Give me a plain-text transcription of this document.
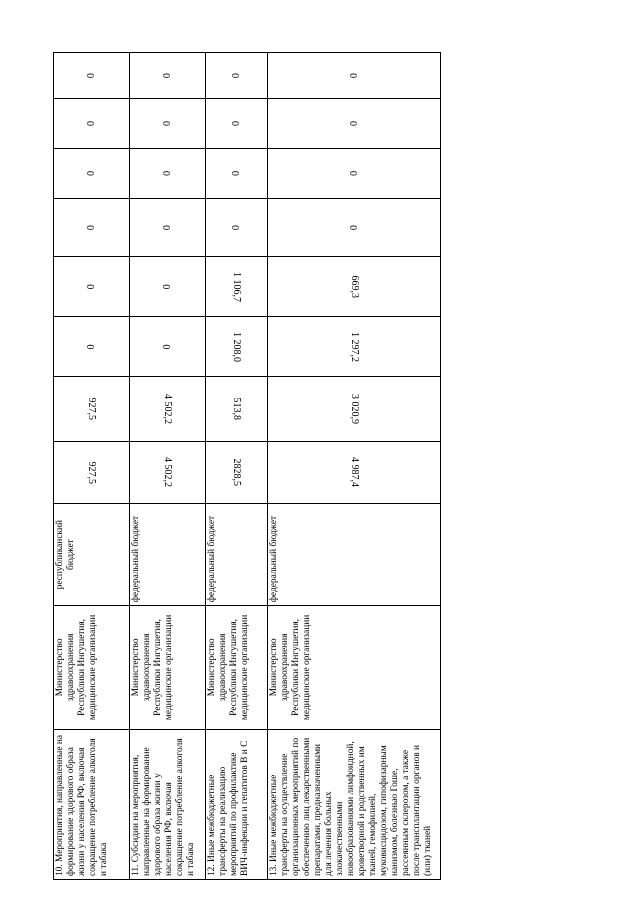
10. Мероприятия, направленные на формирование здорового образа жизни у населения РФ, включая сокращение потребление алкоголя и табака	Министерство здравоохранения Республики Ингушетия, медицинские организации	республиканский бюджет	927,5	927,5	0	0	0	0	0	0
11. Субсидии на мероприятия, направленные на формирование здорового образа жизни у населения РФ, включая сокращение потребление алкоголя и табака	Министерство здравоохранения Республики Ингушетия, медицинские организации	федеральный бюджет	4 502,2	4 502,2	0	0	0	0	0	0
12. Иные межбюджетные трансферты на реализацию мероприятий по профилактике ВИЧ-инфекции и гепатитов В и С	Министерство здравоохранения Республики Ингушетия, медицинские организации	федеральный бюджет	2828,5	513,8	1 208,0	1 106,7	0	0	0	0
13. Иные межбюджетные трансферты на осуществление организационных мероприятий по обеспечению лиц лекарственными препаратами, предназначенными для лечения больных злокачественными новообразованиями лимфоидной, кроветворной и родственных им тканей, гемофилией, муковисцидозом, гипофизарным нанизмом, болезнью Гоше, рассеянным склерозом, а также после трансплантации органов и (или) тканей	Министерство здравоохранения Республики Ингушетия, медицинские организации	федеральный бюджет	4 987,4	3 020,9	1 297,2	669,3	0	0	0	0
